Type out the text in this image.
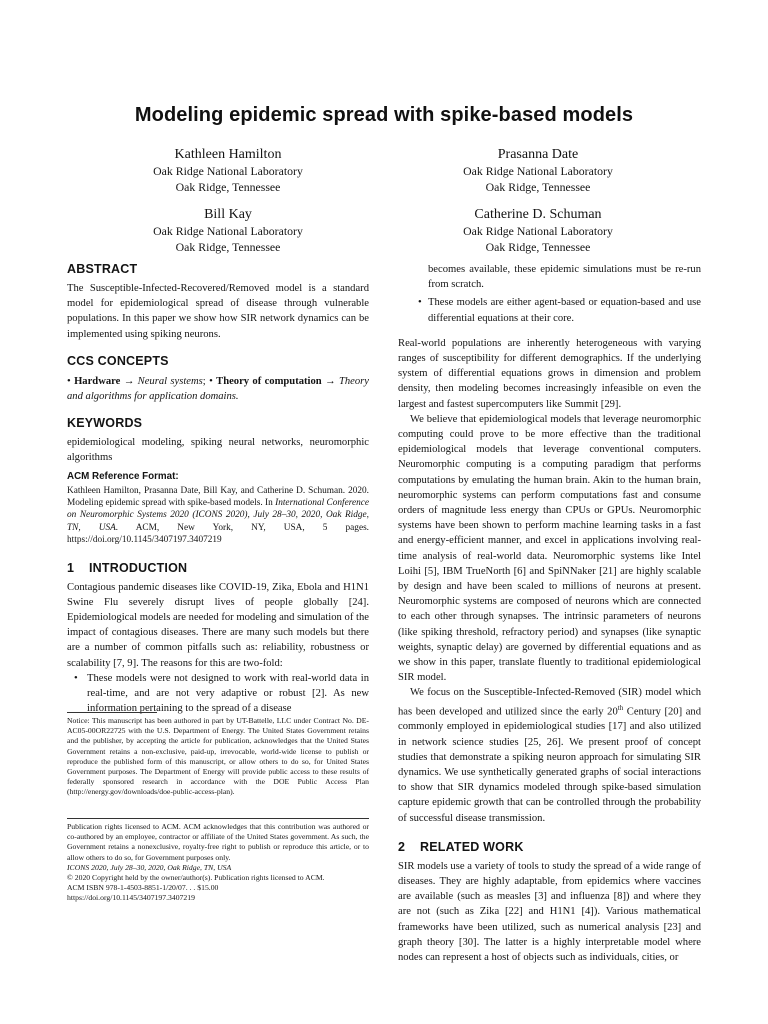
Modeling epidemic spread with spike-based models
Kathleen Hamilton
Oak Ridge National Laboratory
Oak Ridge, Tennessee
Prasanna Date
Oak Ridge National Laboratory
Oak Ridge, Tennessee
Bill Kay
Oak Ridge National Laboratory
Oak Ridge, Tennessee
Catherine D. Schuman
Oak Ridge National Laboratory
Oak Ridge, Tennessee
ABSTRACT

The Susceptible-Infected-Recovered/Removed model is a standard model for epidemiological spread of disease through vulnerable populations. In this paper we show how SIR network dynamics can be implemented using spiking neurons.

CCS CONCEPTS

• Hardware → Neural systems; • Theory of computation → Theory and algorithms for application domains.

KEYWORDS

epidemiological modeling, spiking neural networks, neuromorphic algorithms

ACM Reference Format:

Kathleen Hamilton, Prasanna Date, Bill Kay, and Catherine D. Schuman. 2020. Modeling epidemic spread with spike-based models. In International Conference on Neuromorphic Systems 2020 (ICONS 2020), July 28–30, 2020, Oak Ridge, TN, USA. ACM, New York, NY, USA, 5 pages. https://doi.org/10.1145/3407197.3407219

1 INTRODUCTION

Contagious pandemic diseases like COVID-19, Zika, Ebola and H1N1 Swine Flu severely disrupt lives of people globally [24]. Epidemiological models are needed for modeling and simulation of the impact of contagious diseases. There are many such models but there are a number of common pitfalls such as: reliability, robustness or scalability [7, 9]. The reasons for this are two-fold:

• These models were not designed to work with real-world data in real-time, and are not very adaptive or robust [2]. As new information pertaining to the spread of a disease

Notice: This manuscript has been authored in part by UT-Battelle, LLC under Contract No. DE-AC05-00OR22725 with the U.S. Department of Energy. The United States Government retains and the publisher, by accepting the article for publication, acknowledges that the United States Government retains a non-exclusive, paid-up, irrevocable, world-wide license to publish or reproduce the published form of this manuscript, or allow others to do so, for United States Government purposes. The Department of Energy will provide public access to these results of federally sponsored research in accordance with the DOE Public Access Plan (http://energy.gov/downloads/doe-public-access-plan).

Publication rights licensed to ACM. ACM acknowledges that this contribution was authored or co-authored by an employee, contractor or affiliate of the United States government. As such, the Government retains a nonexclusive, royalty-free right to publish or reproduce this article, or to allow others to do so, for Government purposes only.
ICONS 2020, July 28–30, 2020, Oak Ridge, TN, USA
© 2020 Copyright held by the owner/author(s). Publication rights licensed to ACM.
ACM ISBN 978-1-4503-8851-1/20/07. . . $15.00
https://doi.org/10.1145/3407197.3407219
becomes available, these epidemic simulations must be re-run from scratch.
• These models are either agent-based or equation-based and use differential equations at their core.

Real-world populations are inherently heterogeneous with varying ranges of susceptibility for different demographics. If the underlying system of differential equations grows in dimension and problem density, then modeling becomes increasingly infeasible on even the largest and fastest supercomputers like Summit [29].

We believe that epidemiological models that leverage neuromorphic computing could prove to be more effective than the traditional epidemiological models that leverage conventional computers. Neuromorphic computing is a computing paradigm that performs computations by emulating the human brain. Akin to the human brain, neuromorphic systems can perform computations fast and consume orders of magnitude less energy than CPUs or GPUs. Neuromorphic systems have been shown to perform machine learning tasks in a fast and energy-efficient manner, and excel in applications involving real-time analysis of real-world data. Neuromorphic systems like Intel Loihi [5], IBM TrueNorth [6] and SpiNNaker [21] are highly scalable by design and have been scaled to millions of neurons at present. Neuromorphic systems are composed of neurons which are connected to each other through synapses. The intrinsic parameters of neurons (like spiking threshold, refractory period) and synapses (like synaptic weights, synaptic delay) are governed by differential equations and as we show in this paper, translate fluently to traditional epidemiological SIR model.

We focus on the Susceptible-Infected-Removed (SIR) model which has been developed and utilized since the early 20th Century [20] and commonly employed in epidemiological studies [17] and also utilized in network science studies [25, 26]. We present proof of concept studies that demonstrate a spiking neuron approach for simulating SIR dynamics. We use synthetically generated graphs of social interactions to show that SIR dynamics modeled through spike-based simulation capture epidemic growth that can be controlled through the probability of successful disease transmission.

2 RELATED WORK

SIR models use a variety of tools to study the spread of a wide range of diseases. They are highly adaptable, from epidemics where vaccines are available (such as measles [3] and influenza [8]) and where they are not (such as Zika [22] and H1N1 [4]). Various mathematical frameworks have been utilized, such as numerical analysis [23] and graph theory [30]. The latter is a highly interpretable model where nodes can represent a host of objects such as individuals, cities, or
